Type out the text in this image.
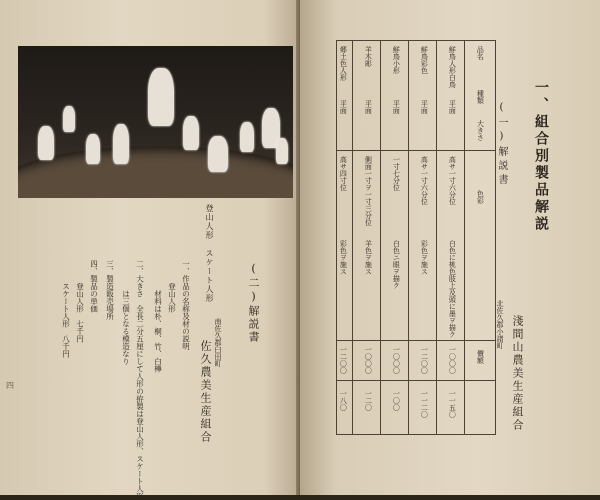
登山人形　スケート人形	(二)解説書
南佐久郡臼田町
佐久農美生産組合
一、作品の名称及材の説明
　　　登山人形
　　　　材料は朴、桐、竹、白樺
二、大きさ　全長二分五厘にして人形の拵製は登山人形、スケート人形
　　　　は三個となる模造なり
三、製造販売場所
四、製品の単価
　　　登山人形　七千円
　　　スケート人形　八千円
四
一、組合別製品解説
(一)解説書
北佐久郡小諸町 淺間山農美生産組合
品名
種類
大きさ
色彩
價額
鮮鳥人形白鳥
平面
高サ一寸六分位
白色に桃色肢上及頭に墨ヲ描ク
一〇〇〇
一一五〇
鮮鳥彩色
平面
高サ一寸六分位
彩色ヲ施ス
一二〇〇
一一二〇
鮮鳥小形
平面
一寸七分位
白色ニ眼ヲ描ク
一〇〇〇
一〇〇
羊木彫
平面
側面一寸ヲ一寸三分位
羊色ヲ施ス
一〇〇〇
一二〇
郷土色人形
平面
高サ四寸位
彩色ヲ施ス
一二〇〇
一八〇
